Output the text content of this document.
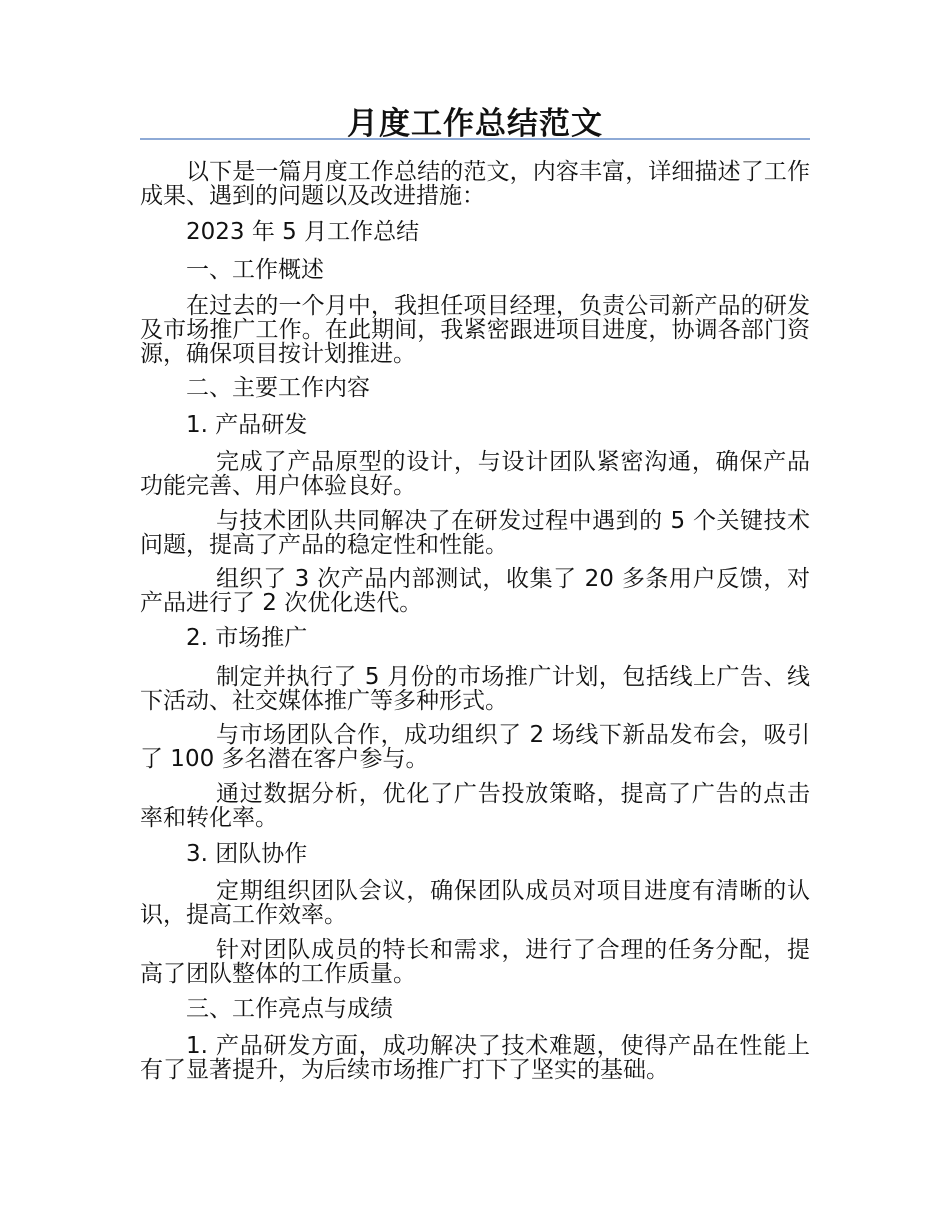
月度工作总结范文

以下是一篇月度工作总结的范文，内容丰富，详细描述了工作成果、遇到的问题以及改进措施：

2023 年 5 月工作总结

一、工作概述

在过去的一个月中，我担任项目经理，负责公司新产品的研发及市场推广工作。在此期间，我紧密跟进项目进度，协调各部门资源，确保项目按计划推进。

二、主要工作内容

1. 产品研发

完成了产品原型的设计，与设计团队紧密沟通，确保产品功能完善、用户体验良好。

与技术团队共同解决了在研发过程中遇到的 5 个关键技术问题，提高了产品的稳定性和性能。

组织了 3 次产品内部测试，收集了 20 多条用户反馈，对产品进行了 2 次优化迭代。

2. 市场推广

制定并执行了 5 月份的市场推广计划，包括线上广告、线下活动、社交媒体推广等多种形式。

与市场团队合作，成功组织了 2 场线下新品发布会，吸引了 100 多名潜在客户参与。

通过数据分析，优化了广告投放策略，提高了广告的点击率和转化率。

3. 团队协作

定期组织团队会议，确保团队成员对项目进度有清晰的认识，提高工作效率。

针对团队成员的特长和需求，进行了合理的任务分配，提高了团队整体的工作质量。

三、工作亮点与成绩

1. 产品研发方面，成功解决了技术难题，使得产品在性能上有了显著提升，为后续市场推广打下了坚实的基础。
